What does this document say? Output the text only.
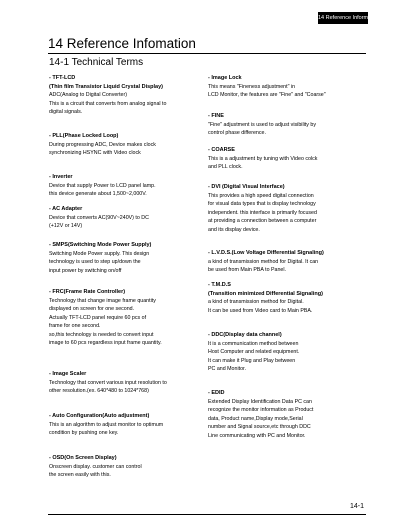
14 Reference Information
14 Reference Infomation
14-1 Technical Terms
- TFT-LCD
(Thin film Transistor Liquid Crystal Display)
ADC(Analog to Digital Converter)
This is a circuit that converts from analog signal to
digital signals.
- PLL(Phase Locked Loop)
During progressing ADC, Device makes clock
synchronizing HSYNC with Video clock
- Inverter
Device that supply Power to LCD panel lamp.
this device generate about 1,500~2,000V.
- AC Adapter
Device that converts AC(90V~240V) to DC
(+12V or 14V)
- SMPS(Switching Mode Power Supply)
Switching Mode Power supply. This design
technology is used to step up/down the
input power by switching on/off
- FRC(Frame Rate Controller)
Technology that change image frame quantity
displayed on screen for one second.
Actually TFT-LCD panel require 60 pcs of
frame for one second.
so,this technology is needed to convert input
image to 60 pcs regardless input frame quantity.
- Image Scaler
Technology that convert various input resolution to
other resolution.(ex. 640*480 to 1024*768)
- Auto Configuration(Auto adjustment)
This is an algorithm to adjust monitor to optimum
condition by pushing one key.
- OSD(On Screen Display)
Onscreen display. customer can control
the screen easily with this.
- Image Lock
This means "Fineness adjustment" in
LCD Monitor, the features are "Fine" and "Coarse"
- FINE
"Fine" adjustment is used to adjust visibility by
control phase difference.
- COARSE
This is a adjustment by tuning with Video colck
and PLL clock.
- DVI (Digital Visual Interface)
This provides a high speed digital connection
for visual data types that is display technology
independent. this interface is primarily focused
at providing a connection between a computer
and its display device.
- L.V.D.S.(Low Voltage Differential Signaling)
a kind of transmission method for Digital. It can
be used from Main PBA to Panel.
- T.M.D.S
(Transition minimized Differential Signaling)
a kind of transmission method for Digital.
It can be used from Video card to Main PBA.
- DDC(Display data channel)
It is a communication method between
Host Computer and related equipment.
It can make it Plug and Play between
PC and Monitor.
- EDID
Extended Display Identification Data PC can
recognize the monitor information as Product
data, Product name,Display mode,Serial
number and Signal source,etc through DDC
Line communicating with PC and Monitor.
14-1
